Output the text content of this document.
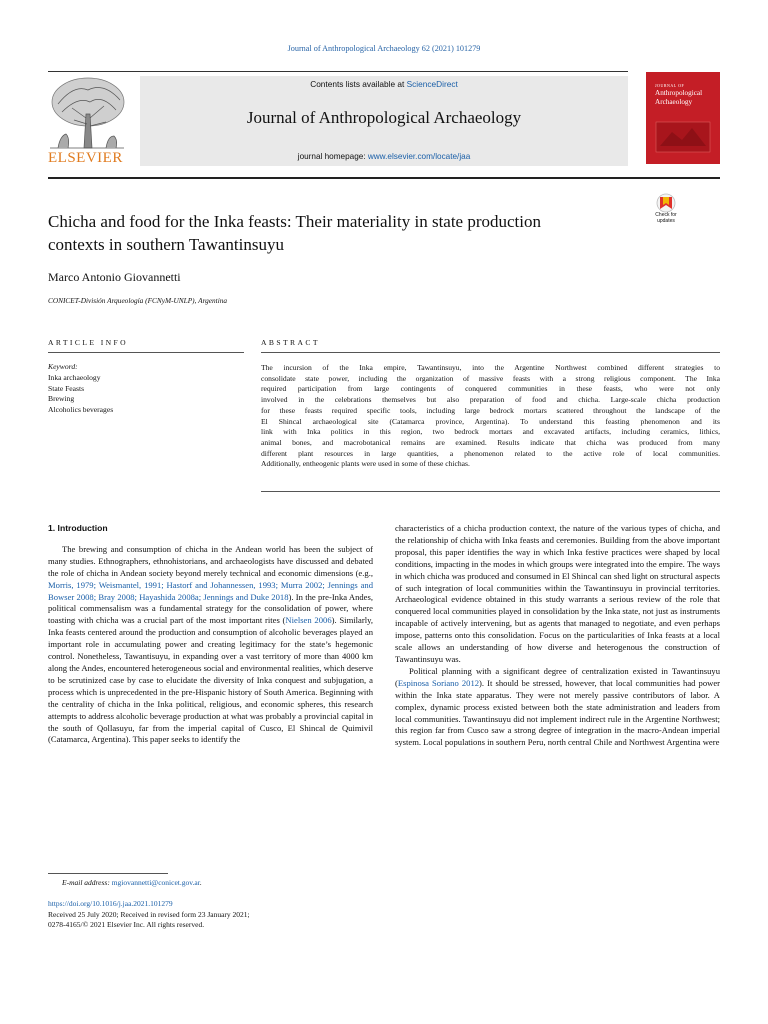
Journal of Anthropological Archaeology 62 (2021) 101279
ELSEVIER
Contents lists available at ScienceDirect
Journal of Anthropological Archaeology
journal homepage: www.elsevier.com/locate/jaa
JOURNAL OF
Anthropological Archaeology
Chicha and food for the Inka feasts: Their materiality in state production
contexts in southern Tawantinsuyu
Check for updates
Marco Antonio Giovannetti
CONICET-División Arqueología (FCNyM-UNLP), Argentina
ARTICLE INFO	ABSTRACT
Keyword:
Inka archaeology
State Feasts
Brewing
Alcoholics beverages
The incursion of the Inka empire, Tawantinsuyu, into the Argentine Northwest combined different strategies to
consolidate state power, including the organization of massive feasts with a strong religious component. The Inka
required participation from large contingents of conquered communities in these feasts, who were not only
involved in the celebrations themselves but also preparation of food and chicha. Large-scale chicha production
for these feasts required specific tools, including large bedrock mortars scattered throughout the landscape of the
El Shincal archaeological site (Catamarca province, Argentina). To understand this feasting phenomenon and its
link with Inka politics in this region, two bedrock mortars and excavated artifacts, including ceramics, lithics,
animal bones, and macrobotanical remains are examined. Results indicate that chicha was produced from many
different plant resources in large quantities, a phenomenon related to the active role of local communities.
Additionally, entheogenic plants were used in some of these chichas.
1. Introduction

The brewing and consumption of chicha in the Andean world has been the subject of many studies. Ethnographers, ethnohistorians, and archaeologists have discussed and debated the role of chicha in Andean society beyond merely technical and economic dimensions (e.g., Morris, 1979; Weismantel, 1991; Hastorf and Johannessen, 1993; Murra 2002; Jennings and Bowser 2008; Bray 2008; Hayashida 2008a; Jennings and Duke 2018). In the pre-Inka Andes, political commensalism was a fundamental strategy for the consolidation of power, where toasting with chicha was a crucial part of the most important rites (Nielsen 2006). Similarly, Inka feasts centered around the production and consumption of alcoholic beverages played an important role in accumulating power and creating legitimacy for the state’s hegemonic control. Nonetheless, Tawantisuyu, in expanding over a vast territory of more than 4000 km along the Andes, encountered heterogeneous social and environmental realities, which deserve to be scrutinized case by case to elucidate the diversity of Inka conquest and subjugation, a process which is unprecedented in the pre-Hispanic history of South America. Beginning with the centrality of chicha in the Inka political, religious, and economic spheres, this research attempts to address alcoholic beverage production at what was probably a provincial capital in the south of Qollasuyu, far from the imperial capital of Cusco, El Shincal de Quimivil (Catamarca, Argentina). This paper seeks to identify the

characteristics of a chicha production context, the nature of the various types of chicha, and the relationship of chicha with Inka feasts and ceremonies. Building from the above important proposal, this paper identifies the way in which Inka festive practices were shaped by local conditions, impacting in the modes in which groups were integrated into the empire. The ways in which chicha was produced and consumed in El Shincal can shed light on structural aspects of such integration of local communities within the Tawantinsuyu in provincial territories. Archaeological evidence obtained in this study warrants a serious review of the role that conquered local communities played in consolidation by the Inka state, not just as instruments incapable of actively intervening, but as agents that managed to negotiate, and even perhaps impose, patterns onto this consolidation. Focus on the particularities of Inka feasts at a local scale allows an understanding of how diverse and heterogenous the construction of Tawantinsuyu was.

Political planning with a significant degree of centralization existed in Tawantinsuyu (Espinosa Soriano 2012). It should be stressed, however, that local communities had power within the Inka state apparatus. They were not merely passive contributors of labor. A complex, dynamic process existed between both the state administration and leaders from local communities. Tawantinsuyu did not implement indirect rule in the Argentine Northwest; this region far from Cusco saw a strong degree of integration in the macro-Andean imperial system. Local populations in southern Peru, north central Chile and Northwest Argentina were

E-mail address: mgiovannetti@conicet.gov.ar.
https://doi.org/10.1016/j.jaa.2021.101279
Received 25 July 2020; Received in revised form 23 January 2021;
0278-4165/© 2021 Elsevier Inc. All rights reserved.
